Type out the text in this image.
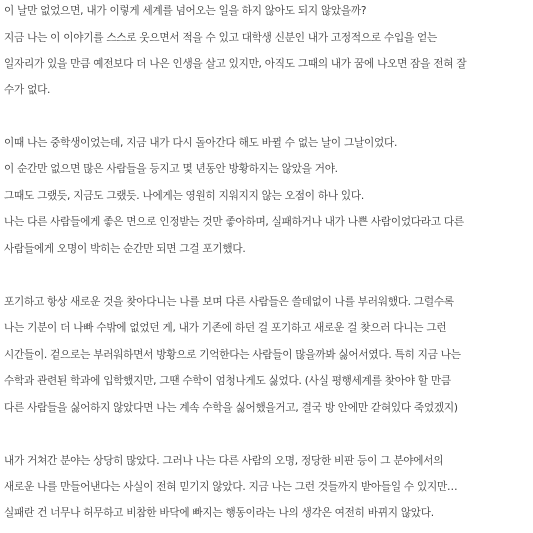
이 날만 없었으면, 내가 이렇게 세계를 넘어오는 일을 하지 않아도 되지 않았을까?
지금 나는 이 이야기를 스스로 웃으면서 적을 수 있고 대학생 신분인 내가 고정적으로 수입을 얻는
일자리가 있을 만큼 예전보다 더 나은 인생을 살고 있지만, 아직도 그때의 내가 꿈에 나오면 잠을 전혀 잘
수가 없다.
이때 나는 중학생이었는데, 지금 내가 다시 돌아간다 해도 바뀔 수 없는 날이 그날이었다.
이 순간만 없으면 많은 사람들을 등지고 몇 년동안 방황하지는 않았을 거야.
그때도 그랬듯, 지금도 그랬듯. 나에게는 영원히 지워지지 않는 오점이 하나 있다.
나는 다른 사람들에게 좋은 면으로 인정받는 것만 좋아하며, 실패하거나 내가 나쁜 사람이었다라고 다른
사람들에게 오명이 박히는 순간만 되면 그걸 포기했다.
포기하고 항상 새로운 것을 찾아다니는 나를 보며 다른 사람들은 쓸데없이 나를 부러워했다. 그럴수록
나는 기분이 더 나빠 수밖에 없었던 게, 내가 기존에 하던 걸 포기하고 새로운 걸 찾으러 다니는 그런
시간들이. 겉으로는 부러워하면서 방황으로 기억한다는 사람들이 많을까봐 싫어서였다. 특히 지금 나는
수학과 관련된 학과에 입학했지만, 그땐 수학이 엄청나게도 싫었다. (사실 평행세계를 찾아야 할 만큼
다른 사람들을 싫어하지 않았다면 나는 계속 수학을 싫어했을거고, 결국 방 안에만 갇혀있다 죽었겠지)
내가 거쳐간 분야는 상당히 많았다. 그러나 나는 다른 사람의 오명, 정당한 비판 등이 그 분야에서의
새로운 나를 만들어낸다는 사실이 전혀 믿기지 않았다. 지금 나는 그런 것들까지 받아들일 수 있지만…
실패란 건 너무나 허무하고 비참한 바닥에 빠지는 행동이라는 나의 생각은 여전히 바뀌지 않았다.
